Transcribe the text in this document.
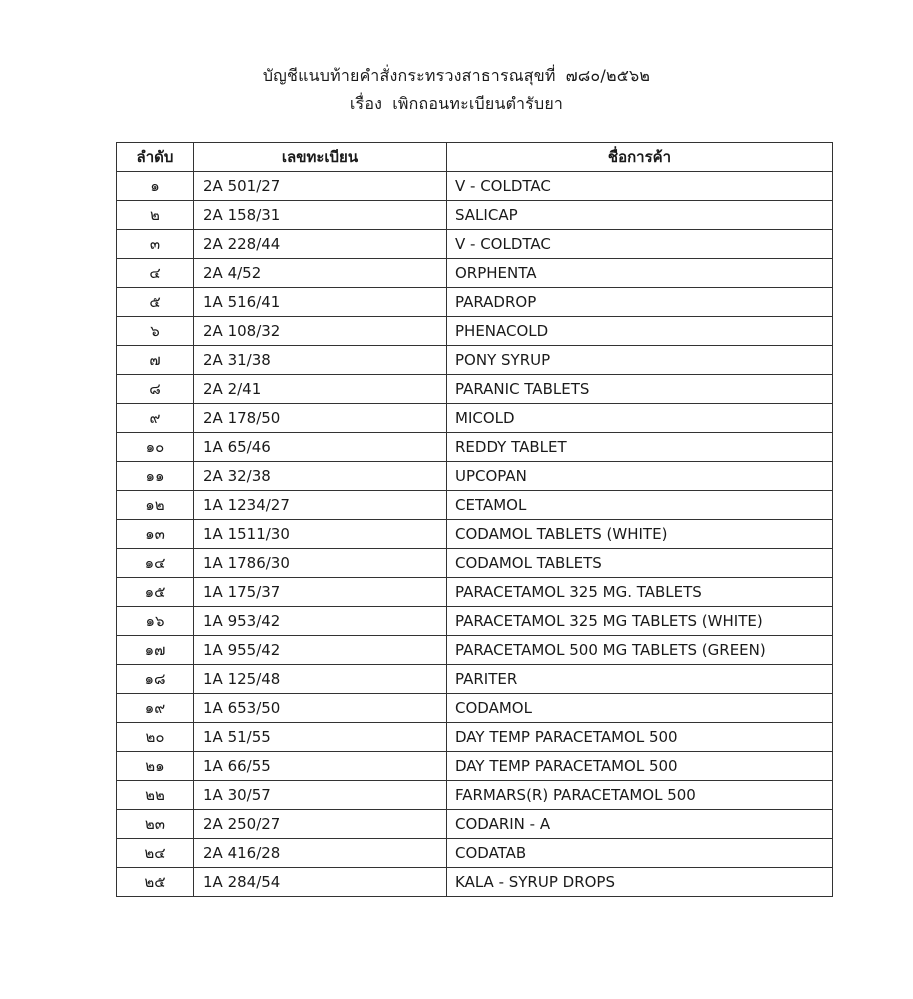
บัญชีแนบท้ายคำสั่งกระทรวงสาธารณสุขที่ ๗๘๐/๒๕๖๒
เรื่อง เพิกถอนทะเบียนตำรับยา
ลำดับ	เลขทะเบียน	ชื่อการค้า
๑	2A 501/27	V - COLDTAC
๒	2A 158/31	SALICAP
๓	2A 228/44	V - COLDTAC
๔	2A 4/52	ORPHENTA
๕	1A 516/41	PARADROP
๖	2A 108/32	PHENACOLD
๗	2A 31/38	PONY SYRUP
๘	2A 2/41	PARANIC TABLETS
๙	2A 178/50	MICOLD
๑๐	1A 65/46	REDDY TABLET
๑๑	2A 32/38	UPCOPAN
๑๒	1A 1234/27	CETAMOL
๑๓	1A 1511/30	CODAMOL TABLETS (WHITE)
๑๔	1A 1786/30	CODAMOL TABLETS
๑๕	1A 175/37	PARACETAMOL 325 MG. TABLETS
๑๖	1A 953/42	PARACETAMOL 325 MG TABLETS (WHITE)
๑๗	1A 955/42	PARACETAMOL 500 MG TABLETS (GREEN)
๑๘	1A 125/48	PARITER
๑๙	1A 653/50	CODAMOL
๒๐	1A 51/55	DAY TEMP PARACETAMOL 500
๒๑	1A 66/55	DAY TEMP PARACETAMOL 500
๒๒	1A 30/57	FARMARS(R) PARACETAMOL 500
๒๓	2A 250/27	CODARIN - A
๒๔	2A 416/28	CODATAB
๒๕	1A 284/54	KALA - SYRUP DROPS
